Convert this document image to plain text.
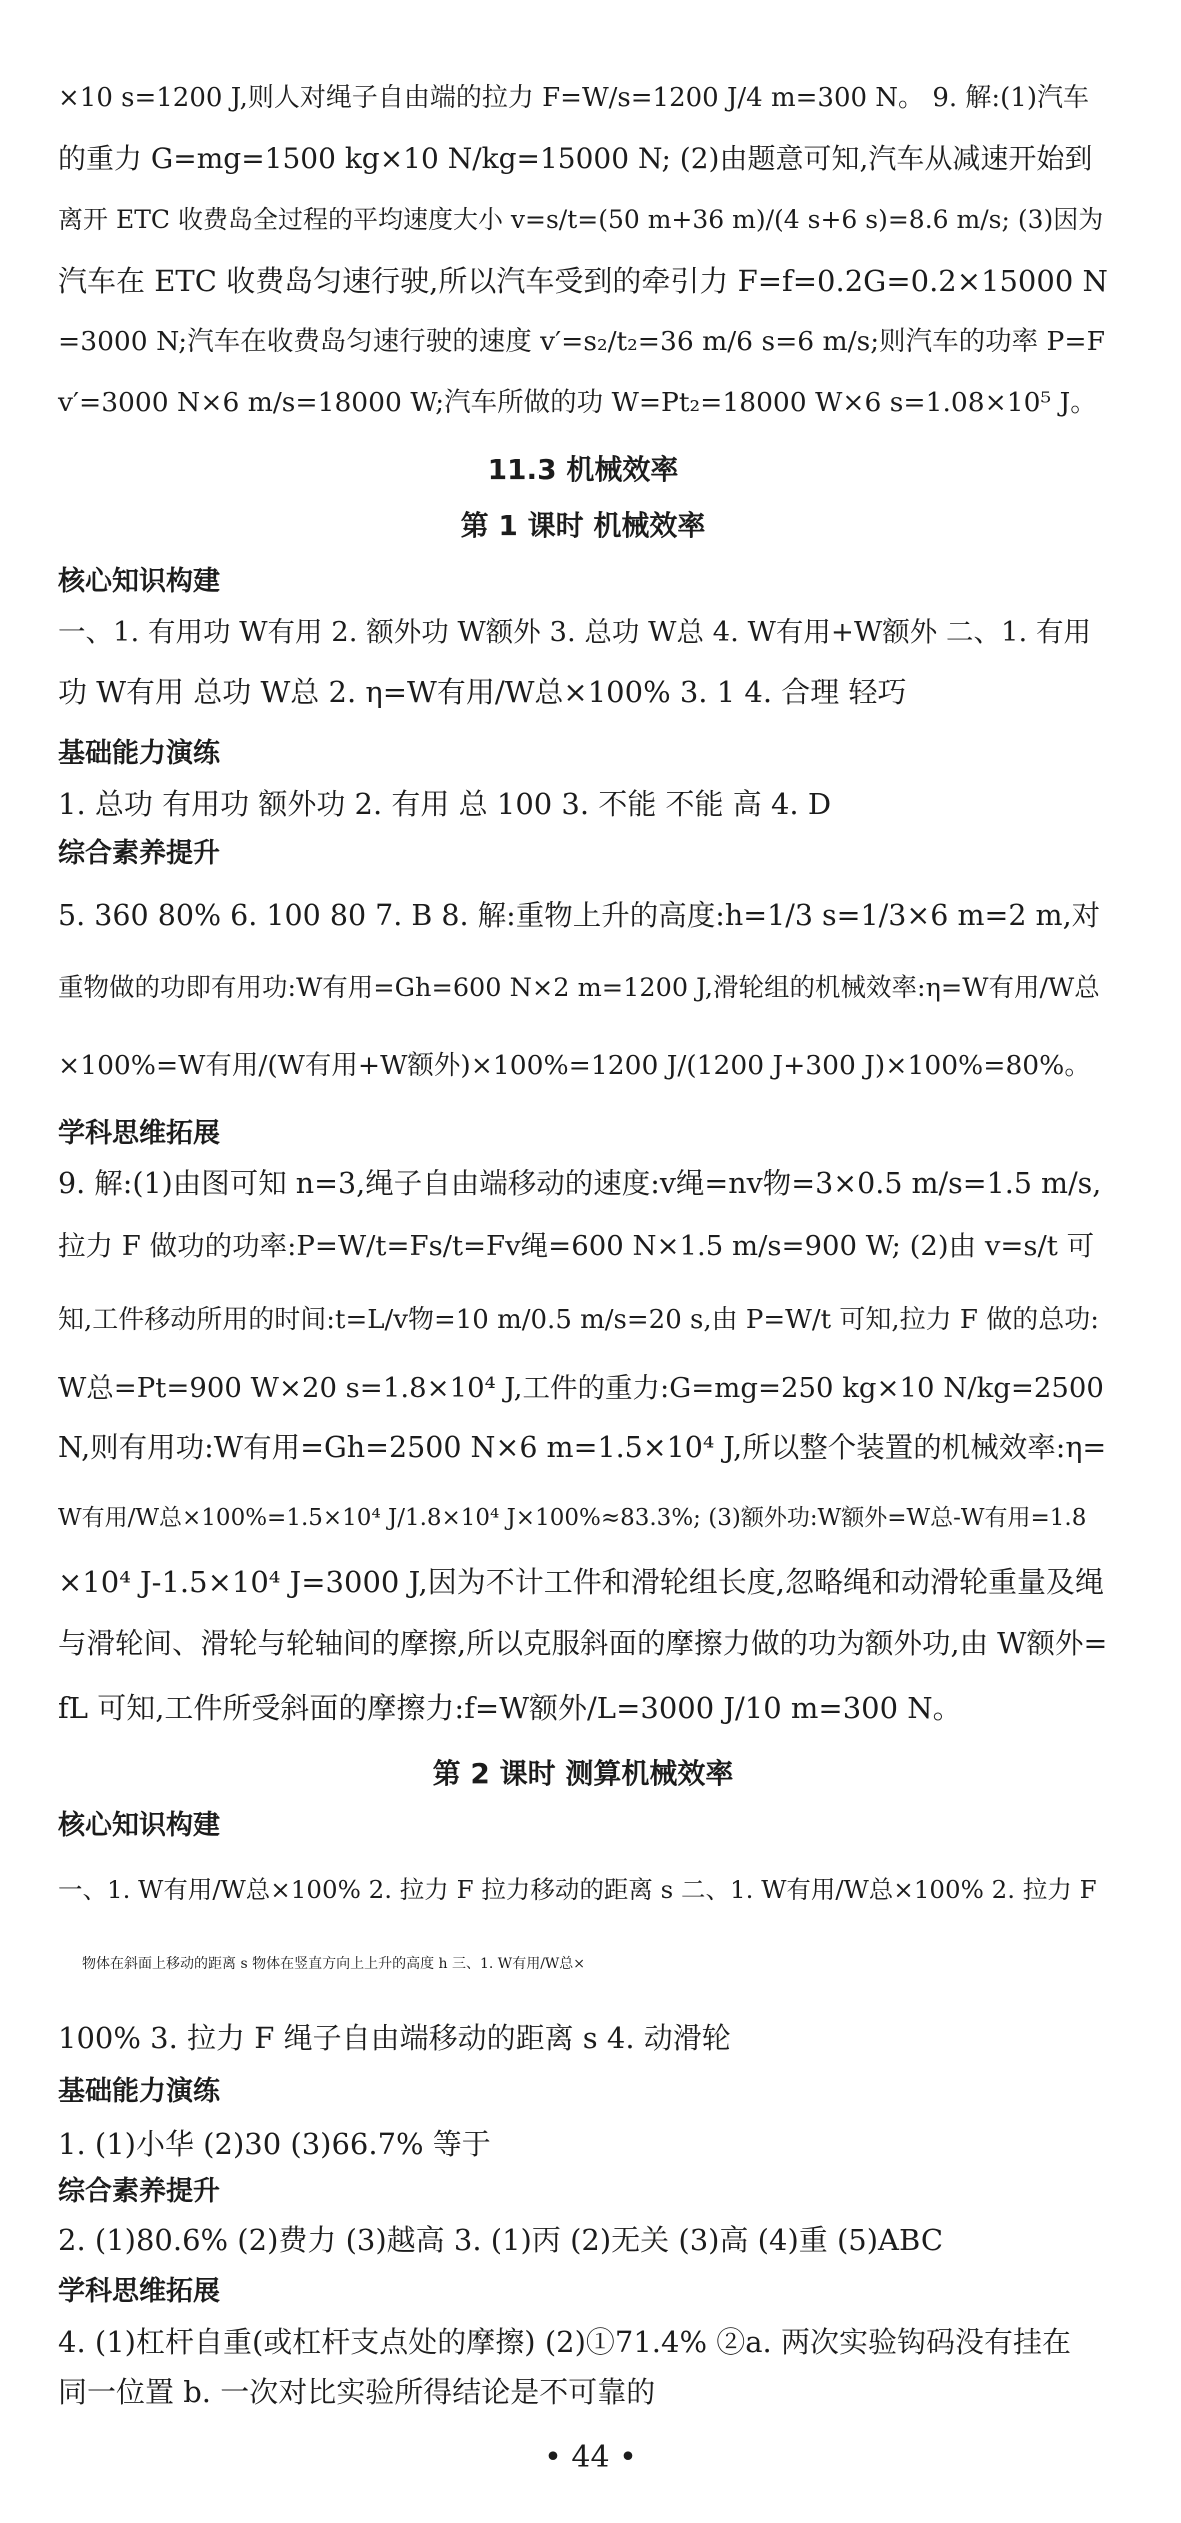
×10 s=1200 J,则人对绳子自由端的拉力 F=W/s=1200 J/4 m=300 N。 9. 解:(1)汽车
的重力 G=mg=1500 kg×10 N/kg=15000 N; (2)由题意可知,汽车从减速开始到
离开 ETC 收费岛全过程的平均速度大小 v=s/t=(50 m+36 m)/(4 s+6 s)=8.6 m/s; (3)因为
汽车在 ETC 收费岛匀速行驶,所以汽车受到的牵引力 F=f=0.2G=0.2×15000 N
=3000 N;汽车在收费岛匀速行驶的速度 v′=s₂/t₂=36 m/6 s=6 m/s;则汽车的功率 P=F
v′=3000 N×6 m/s=18000 W;汽车所做的功 W=Pt₂=18000 W×6 s=1.08×10⁵ J。
11.3 机械效率
第 1 课时 机械效率
核心知识构建
一、1. 有用功 W有用 2. 额外功 W额外 3. 总功 W总 4. W有用+W额外 二、1. 有用
功 W有用 总功 W总 2. η=W有用/W总×100% 3. 1 4. 合理 轻巧
基础能力演练
1. 总功 有用功 额外功 2. 有用 总 100 3. 不能 不能 高 4. D
综合素养提升
5. 360 80% 6. 100 80 7. B 8. 解:重物上升的高度:h=1/3 s=1/3×6 m=2 m,对
重物做的功即有用功:W有用=Gh=600 N×2 m=1200 J,滑轮组的机械效率:η=W有用/W总
×100%=W有用/(W有用+W额外)×100%=1200 J/(1200 J+300 J)×100%=80%。
学科思维拓展
9. 解:(1)由图可知 n=3,绳子自由端移动的速度:v绳=nv物=3×0.5 m/s=1.5 m/s,
拉力 F 做功的功率:P=W/t=Fs/t=Fv绳=600 N×1.5 m/s=900 W; (2)由 v=s/t 可
知,工件移动所用的时间:t=L/v物=10 m/0.5 m/s=20 s,由 P=W/t 可知,拉力 F 做的总功:
W总=Pt=900 W×20 s=1.8×10⁴ J,工件的重力:G=mg=250 kg×10 N/kg=2500
N,则有用功:W有用=Gh=2500 N×6 m=1.5×10⁴ J,所以整个装置的机械效率:η=
W有用/W总×100%=1.5×10⁴ J/1.8×10⁴ J×100%≈83.3%; (3)额外功:W额外=W总-W有用=1.8
×10⁴ J-1.5×10⁴ J=3000 J,因为不计工件和滑轮组长度,忽略绳和动滑轮重量及绳
与滑轮间、滑轮与轮轴间的摩擦,所以克服斜面的摩擦力做的功为额外功,由 W额外=
fL 可知,工件所受斜面的摩擦力:f=W额外/L=3000 J/10 m=300 N。
第 2 课时 测算机械效率
核心知识构建
一、1. W有用/W总×100% 2. 拉力 F 拉力移动的距离 s 二、1. W有用/W总×100% 2. 拉力 F
物体在斜面上移动的距离 s 物体在竖直方向上上升的高度 h 三、1. W有用/W总×
100% 3. 拉力 F 绳子自由端移动的距离 s 4. 动滑轮
基础能力演练
1. (1)小华 (2)30 (3)66.7% 等于
综合素养提升
2. (1)80.6% (2)费力 (3)越高 3. (1)丙 (2)无关 (3)高 (4)重 (5)ABC
学科思维拓展
4. (1)杠杆自重(或杠杆支点处的摩擦) (2)①71.4% ②a. 两次实验钩码没有挂在
同一位置 b. 一次对比实验所得结论是不可靠的
• 44 •
